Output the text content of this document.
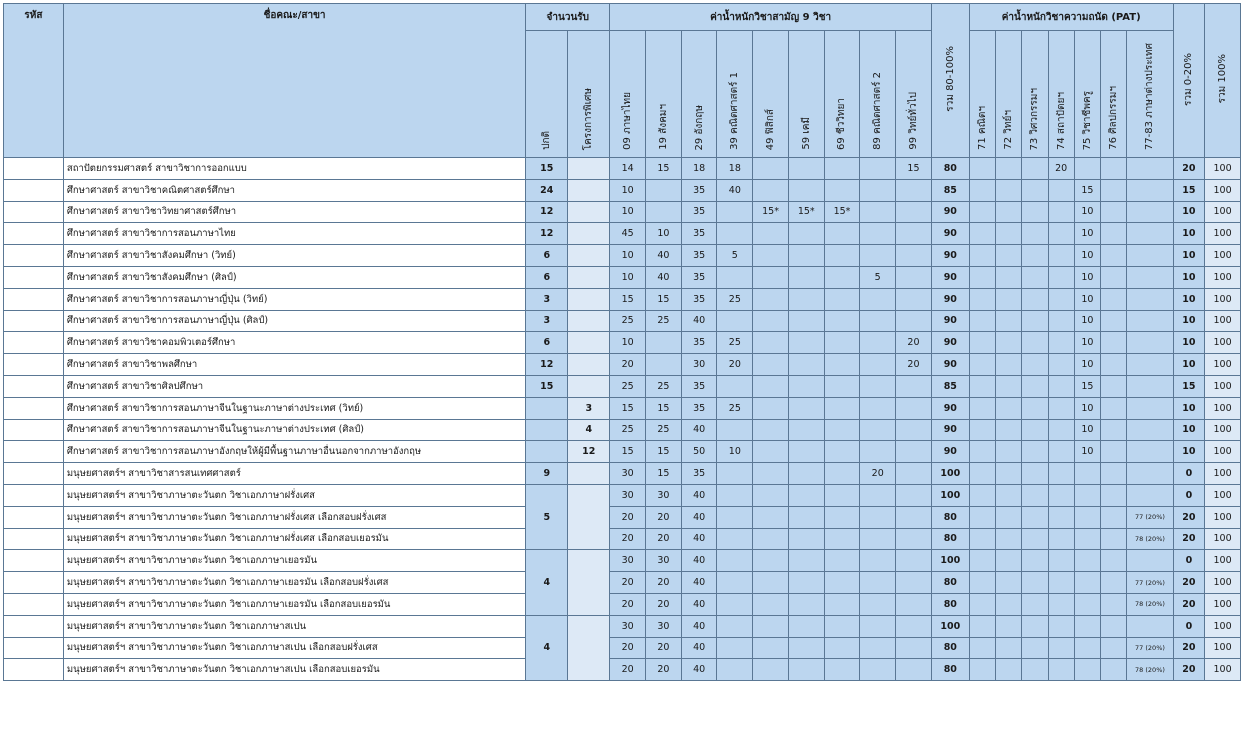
รหัส	ชื่อคณะ/สาขา	จำนวนรับ		ค่าน้ำหนักวิชาสามัญ 9 วิชา									รวม 80-100%	ค่าน้ำหนักวิชาความถนัด (PAT)							รวม 0-20%	รวม 100%
		ปกติ	โครงการพิเศษ	09 ภาษาไทย	19 สังคมฯ	29 อังกฤษ	39 คณิตศาสตร์ 1	49 ฟิสิกส์	59 เคมี	69 ชีววิทยา	89 คณิตศาสตร์ 2	99 วิทย์ทั่วไป		71 คณิตฯ	72 วิทย์ฯ	73 วิศวกรรมฯ	74 สถาปัตยฯ	75 วิชาชีพครู	76 ศิลปกรรมฯ	77-83 ภาษาต่างประเทศ		
	สถาปัตยกรรมศาสตร์ สาขาวิชาการออกแบบ	15		14	15	18	18					15	80				20				20	100
	ศึกษาศาสตร์ สาขาวิชาคณิตศาสตร์ศึกษา	24		10		35	40						85					15			15	100
	ศึกษาศาสตร์ สาขาวิชาวิทยาศาสตร์ศึกษา	12		10		35		15*	15*	15*			90					10			10	100
	ศึกษาศาสตร์ สาขาวิชาการสอนภาษาไทย	12		45	10	35							90					10			10	100
	ศึกษาศาสตร์ สาขาวิชาสังคมศึกษา (วิทย์)	6		10	40	35	5						90					10			10	100
	ศึกษาศาสตร์ สาขาวิชาสังคมศึกษา (ศิลป์)	6		10	40	35					5		90					10			10	100
	ศึกษาศาสตร์ สาขาวิชาการสอนภาษาญี่ปุ่น (วิทย์)	3		15	15	35	25						90					10			10	100
	ศึกษาศาสตร์ สาขาวิชาการสอนภาษาญี่ปุ่น (ศิลป์)	3		25	25	40							90					10			10	100
	ศึกษาศาสตร์ สาขาวิชาคอมพิวเตอร์ศึกษา	6		10		35	25					20	90					10			10	100
	ศึกษาศาสตร์ สาขาวิชาพลศึกษา	12		20		30	20					20	90					10			10	100
	ศึกษาศาสตร์ สาขาวิชาศิลปศึกษา	15		25	25	35							85					15			15	100
	ศึกษาศาสตร์ สาขาวิชาการสอนภาษาจีนในฐานะภาษาต่างประเทศ (วิทย์)		3	15	15	35	25						90					10			10	100
	ศึกษาศาสตร์ สาขาวิชาการสอนภาษาจีนในฐานะภาษาต่างประเทศ (ศิลป์)		4	25	25	40							90					10			10	100
	ศึกษาศาสตร์ สาขาวิชาการสอนภาษาอังกฤษให้ผู้มีพื้นฐานภาษาอื่นนอกจากภาษาอังกฤษ		12	15	15	50	10						90					10			10	100
	มนุษยศาสตร์ฯ สาขาวิชาสารสนเทศศาสตร์	9		30	15	35					20		100								0	100
	มนุษยศาสตร์ฯ สาขาวิชาภาษาตะวันตก วิชาเอกภาษาฝรั่งเศส	5		30	30	40							100								0	100
	มนุษยศาสตร์ฯ สาขาวิชาภาษาตะวันตก วิชาเอกภาษาฝรั่งเศส เลือกสอบฝรั่งเศส			20	20	40							80							77 (20%)	20	100
	มนุษยศาสตร์ฯ สาขาวิชาภาษาตะวันตก วิชาเอกภาษาฝรั่งเศส เลือกสอบเยอรมัน			20	20	40							80							78 (20%)	20	100
	มนุษยศาสตร์ฯ สาขาวิชาภาษาตะวันตก วิชาเอกภาษาเยอรมัน	4		30	30	40							100								0	100
	มนุษยศาสตร์ฯ สาขาวิชาภาษาตะวันตก วิชาเอกภาษาเยอรมัน เลือกสอบฝรั่งเศส			20	20	40							80							77 (20%)	20	100
	มนุษยศาสตร์ฯ สาขาวิชาภาษาตะวันตก วิชาเอกภาษาเยอรมัน เลือกสอบเยอรมัน			20	20	40							80							78 (20%)	20	100
	มนุษยศาสตร์ฯ สาขาวิชาภาษาตะวันตก วิชาเอกภาษาสเปน	4		30	30	40							100								0	100
	มนุษยศาสตร์ฯ สาขาวิชาภาษาตะวันตก วิชาเอกภาษาสเปน เลือกสอบฝรั่งเศส			20	20	40							80							77 (20%)	20	100
	มนุษยศาสตร์ฯ สาขาวิชาภาษาตะวันตก วิชาเอกภาษาสเปน เลือกสอบเยอรมัน			20	20	40							80							78 (20%)	20	100
